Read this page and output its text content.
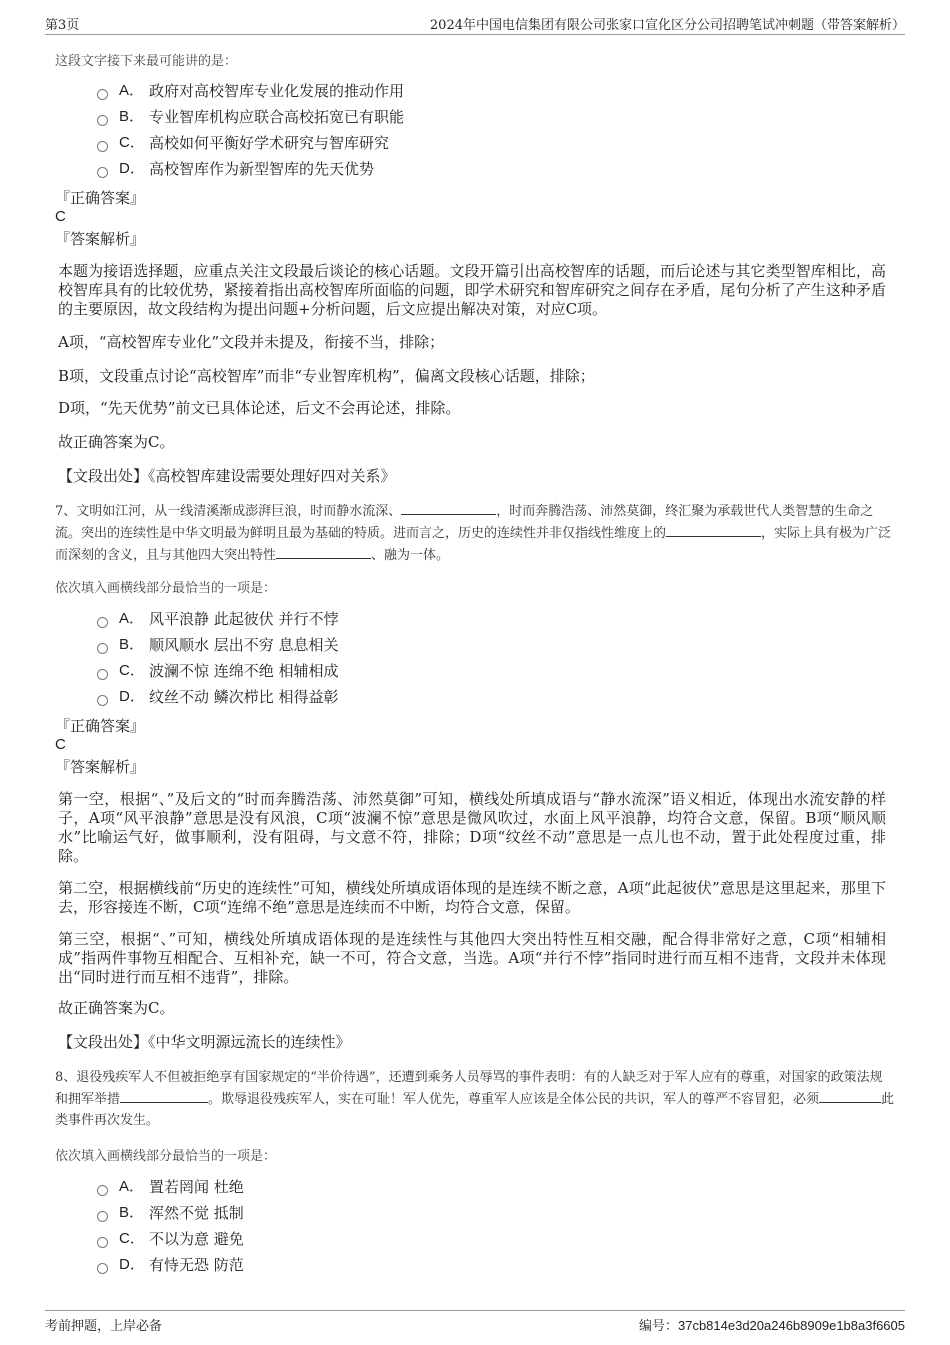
第3页	2024年中国电信集团有限公司张家口宣化区分公司招聘笔试冲刺题（带答案解析）
这段文字接下来最可能讲的是：
A． 政府对高校智库专业化发展的推动作用
B． 专业智库机构应联合高校拓宽已有职能
C． 高校如何平衡好学术研究与智库研究
D． 高校智库作为新型智库的先天优势
『正确答案』
C
『答案解析』
本题为接语选择题，应重点关注文段最后谈论的核心话题。文段开篇引出高校智库的话题，而后论述与其它类型智库相比，高校智库具有的比较优势，紧接着指出高校智库所面临的问题，即学术研究和智库研究之间存在矛盾，尾句分析了产生这种矛盾的主要原因，故文段结构为提出问题+分析问题，后文应提出解决对策，对应C项。
A项，“高校智库专业化”文段并未提及，衔接不当，排除；
B项，文段重点讨论“高校智库”而非“专业智库机构”，偏离文段核心话题，排除；
D项，“先天优势”前文已具体论述，后文不会再论述，排除。
故正确答案为C。
【文段出处】《高校智库建设需要处理好四对关系》
7、文明如江河，从一线清溪渐成澎湃巨浪，时而静水流深、	，时而奔腾浩荡、沛然莫御，终汇聚为承载世代人类智慧的生命之流。突出的连续性是中华文明最为鲜明且最为基础的特质。进而言之，历史的连续性并非仅指线性维度上的	，实际上具有极为广泛而深刻的含义，且与其他四大突出特性	、融为一体。
依次填入画横线部分最恰当的一项是：
A． 风平浪静 此起彼伏 并行不悖
B． 顺风顺水 层出不穷 息息相关
C． 波澜不惊 连绵不绝 相辅相成
D． 纹丝不动 鳞次栉比 相得益彰
『正确答案』
C
『答案解析』
第一空，根据“、”及后文的“时而奔腾浩荡、沛然莫御”可知，横线处所填成语与“静水流深”语义相近，体现出水流安静的样子，A项“风平浪静”意思是没有风浪，C项“波澜不惊”意思是微风吹过，水面上风平浪静，均符合文意，保留。B项“顺风顺水”比喻运气好，做事顺利，没有阻碍，与文意不符，排除；D项“纹丝不动”意思是一点儿也不动，置于此处程度过重，排除。
第二空，根据横线前“历史的连续性”可知，横线处所填成语体现的是连续不断之意，A项“此起彼伏”意思是这里起来，那里下去，形容接连不断，C项“连绵不绝”意思是连续而不中断，均符合文意，保留。
第三空，根据“、”可知，横线处所填成语体现的是连续性与其他四大突出特性互相交融，配合得非常好之意，C项“相辅相成”指两件事物互相配合、互相补充，缺一不可，符合文意，当选。A项“并行不悖”指同时进行而互相不违背，文段并未体现出“同时进行而互相不违背”，排除。
故正确答案为C。
【文段出处】《中华文明源远流长的连续性》
8、退役残疾军人不但被拒绝享有国家规定的“半价待遇”，还遭到乘务人员辱骂的事件表明：有的人缺乏对于军人应有的尊重，对国家的政策法规和拥军举措	。欺辱退役残疾军人，实在可耻！军人优先，尊重军人应该是全体公民的共识，军人的尊严不容冒犯，必须	此类事件再次发生。
依次填入画横线部分最恰当的一项是：
A． 置若罔闻 杜绝
B． 浑然不觉 抵制
C． 不以为意 避免
D． 有恃无恐 防范
考前押题，上岸必备	编号：37cb814e3d20a246b8909e1b8a3f6605
